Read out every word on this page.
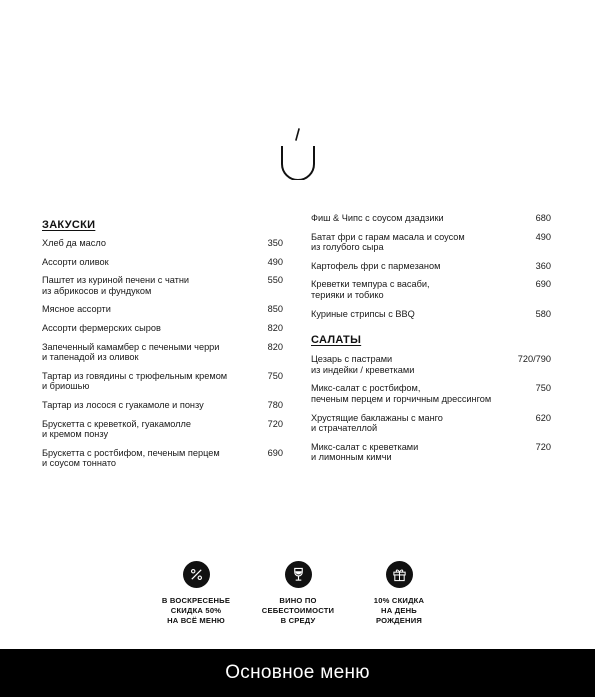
ЗАКУСКИ
Хлеб да масло	350
Ассорти оливок	490
Паштет из куриной печени с чатни
из абрикосов и фундуком
550
Мясное ассорти	850
Ассорти фермерских сыров	820
Запеченный камамбер с печеными черри
и тапенадой из оливок
820
Тартар из говядины с трюфельным кремом
и бриошью
750
Тартар из лосося с гуакамоле и понзу	780
Брускетта с креветкой, гуакамолле
и кремом понзу
720
Брускетта с ростбифом, печеным перцем
и соусом тоннато
690
Фиш & Чипс с соусом дзадзики	680
Батат фри с гарам масала и соусом
из голубого сыра
490
Картофель фри с пармезаном	360
Креветки темпура с васаби,
терияки и тобико
690
Куриные стрипсы с BBQ	580
САЛАТЫ
Цезарь с пастрами
из индейки / креветками
720/790
Микс-салат с ростбифом,
печеным перцем и горчичным дрессингом
750
Хрустящие баклажаны с манго
и страчателлой
620
Микс-салат с креветками
и лимонным кимчи
720
В ВОСКРЕСЕНЬЕ
СКИДКА 50%
НА ВСЁ МЕНЮ
ВИНО ПО
СЕБЕСТОИМОСТИ
В СРЕДУ
10% СКИДКА
НА ДЕНЬ
РОЖДЕНИЯ
Основное меню
